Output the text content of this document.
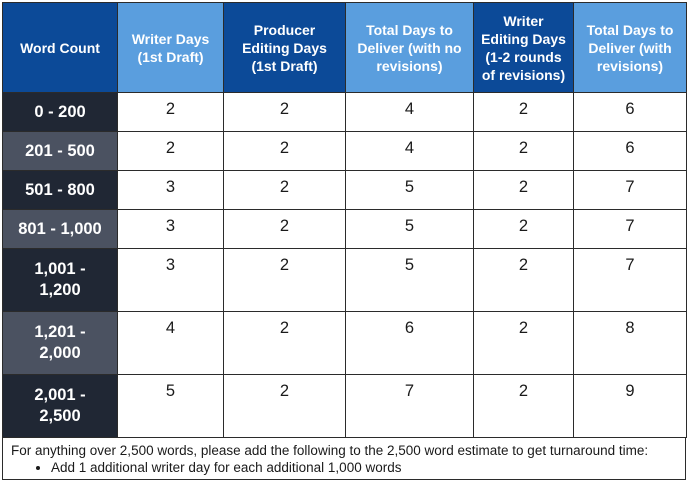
Word Count	Writer Days (1st Draft)	Producer Editing Days (1st Draft)	Total Days to Deliver (with no revisions)	Writer Editing Days (1-2 rounds of revisions)	Total Days to Deliver (with revisions)
0 - 200	2	2	4	2	6
201 - 500	2	2	4	2	6
501 - 800	3	2	5	2	7
801 - 1,000	3	2	5	2	7
1,001 - 1,200	3	2	5	2	7
1,201 - 2,000	4	2	6	2	8
2,001 - 2,500	5	2	7	2	9
For anything over 2,500 words, please add the following to the 2,500 word estimate to get turnaround time:
• Add 1 additional writer day for each additional 1,000 words
